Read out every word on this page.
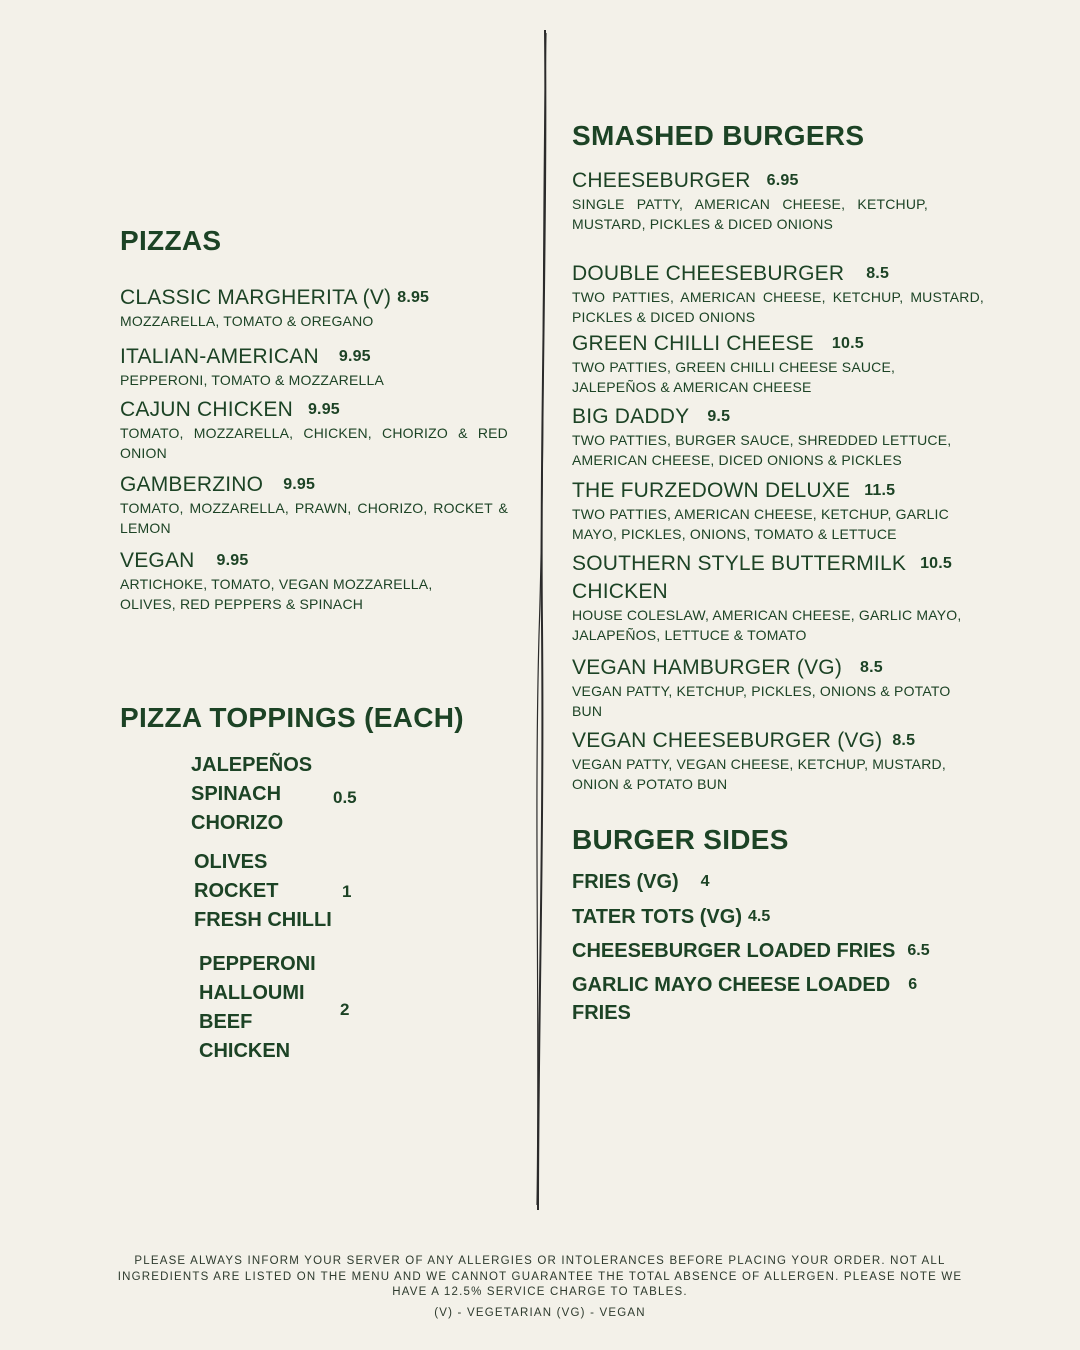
PIZZAS
CLASSIC MARGHERITA (V) 8.95
MOZZARELLA, TOMATO & OREGANO
ITALIAN-AMERICAN 9.95
PEPPERONI, TOMATO & MOZZARELLA
CAJUN CHICKEN 9.95
TOMATO, MOZZARELLA, CHICKEN, CHORIZO & RED ONION
GAMBERZINO 9.95
TOMATO, MOZZARELLA, PRAWN, CHORIZO, ROCKET & LEMON
VEGAN 9.95
ARTICHOKE, TOMATO, VEGAN MOZZARELLA, OLIVES, RED PEPPERS & SPINACH
PIZZA TOPPINGS (EACH)
JALEPEÑOS
SPINACH
CHORIZO
0.5
OLIVES
ROCKET
FRESH CHILLI
1
PEPPERONI
HALLOUMI
BEEF
CHICKEN
2
SMASHED BURGERS
CHEESEBURGER 6.95
SINGLE PATTY, AMERICAN CHEESE, KETCHUP, MUSTARD, PICKLES & DICED ONIONS
DOUBLE CHEESEBURGER 8.5
TWO PATTIES, AMERICAN CHEESE, KETCHUP, MUSTARD, PICKLES & DICED ONIONS
GREEN CHILLI CHEESE 10.5
TWO PATTIES, GREEN CHILLI CHEESE SAUCE, JALEPEÑOS & AMERICAN CHEESE
BIG DADDY 9.5
TWO PATTIES, BURGER SAUCE, SHREDDED LETTUCE, AMERICAN CHEESE, DICED ONIONS & PICKLES
THE FURZEDOWN DELUXE 11.5
TWO PATTIES, AMERICAN CHEESE, KETCHUP, GARLIC MAYO, PICKLES, ONIONS, TOMATO & LETTUCE
SOUTHERN STYLE BUTTERMILK 10.5
CHICKEN
HOUSE COLESLAW, AMERICAN CHEESE, GARLIC MAYO, JALAPEÑOS, LETTUCE & TOMATO
VEGAN HAMBURGER (VG) 8.5
VEGAN PATTY, KETCHUP, PICKLES, ONIONS & POTATO BUN
VEGAN CHEESEBURGER (VG) 8.5
VEGAN PATTY, VEGAN CHEESE, KETCHUP, MUSTARD, ONION & POTATO BUN
BURGER SIDES
FRIES (VG) 4
TATER TOTS (VG) 4.5
CHEESEBURGER LOADED FRIES 6.5
GARLIC MAYO CHEESE LOADED 6
FRIES

PLEASE ALWAYS INFORM YOUR SERVER OF ANY ALLERGIES OR INTOLERANCES BEFORE PLACING YOUR ORDER. NOT ALL INGREDIENTS ARE LISTED ON THE MENU AND WE CANNOT GUARANTEE THE TOTAL ABSENCE OF ALLERGEN. PLEASE NOTE WE HAVE A 12.5% SERVICE CHARGE TO TABLES.

(V) - VEGETARIAN (VG) - VEGAN
